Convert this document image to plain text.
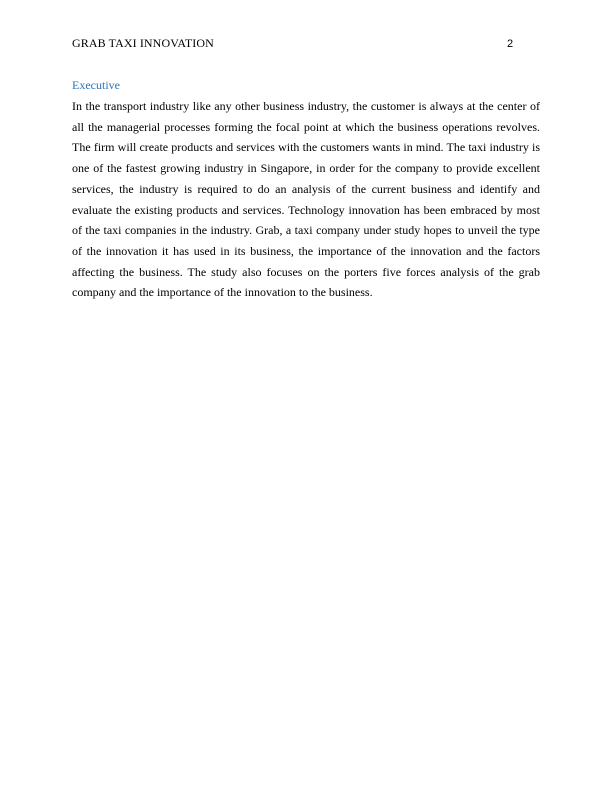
GRAB TAXI INNOVATION	2
Executive

In the transport industry like any other business industry, the customer is always at the center of all the managerial processes forming the focal point at which the business operations revolves. The firm will create products and services with the customers wants in mind. The taxi industry is one of the fastest growing industry in Singapore, in order for the company to provide excellent services, the industry is required to do an analysis of the current business and identify and evaluate the existing products and services. Technology innovation has been embraced by most of the taxi companies in the industry. Grab, a taxi company under study hopes to unveil the type of the innovation it has used in its business, the importance of the innovation and the factors affecting the business. The study also focuses on the porters five forces analysis of the grab company and the importance of the innovation to the business.
